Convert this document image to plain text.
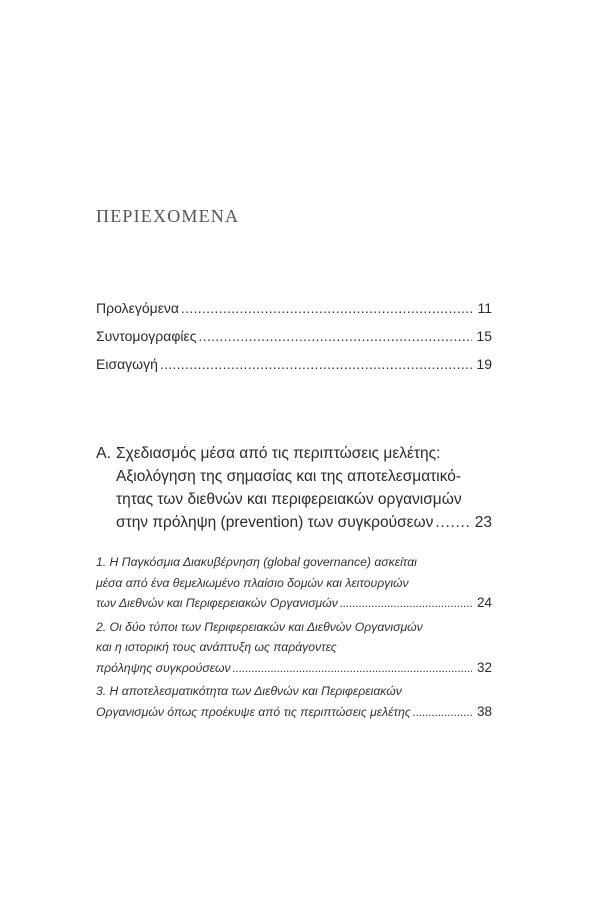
ΠΕΡΙΕΧΟΜΕΝΑ
Προλεγόμενα . . .	11
Συντομογραφίες . . .	15
Εισαγωγή . . .	19

Α. Σχεδιασμός μέσα από τις περιπτώσεις μελέτης:
Αξιολόγηση της σημασίας και της αποτελεσματικό-
τητας των διεθνών και περιφερειακών οργανισμών
στην πρόληψη (prevention) των συγκρούσεων . . .	23

1. Η Παγκόσμια Διακυβέρνηση (global governance) ασκείται
μέσα από ένα θεμελιωμένο πλαίσιο δομών και λειτουργιών
των Διεθνών και Περιφερειακών Οργανισμών . . .	24

2. Οι δύο τύποι των Περιφερειακών και Διεθνών Οργανισμών
και η ιστορική τους ανάπτυξη ως παράγοντες
πρόληψης συγκρούσεων . . .	32

3. Η αποτελεσματικότητα των Διεθνών και Περιφερειακών
Οργανισμών όπως προέκυψε από τις περιπτώσεις μελέτης . . .	38
